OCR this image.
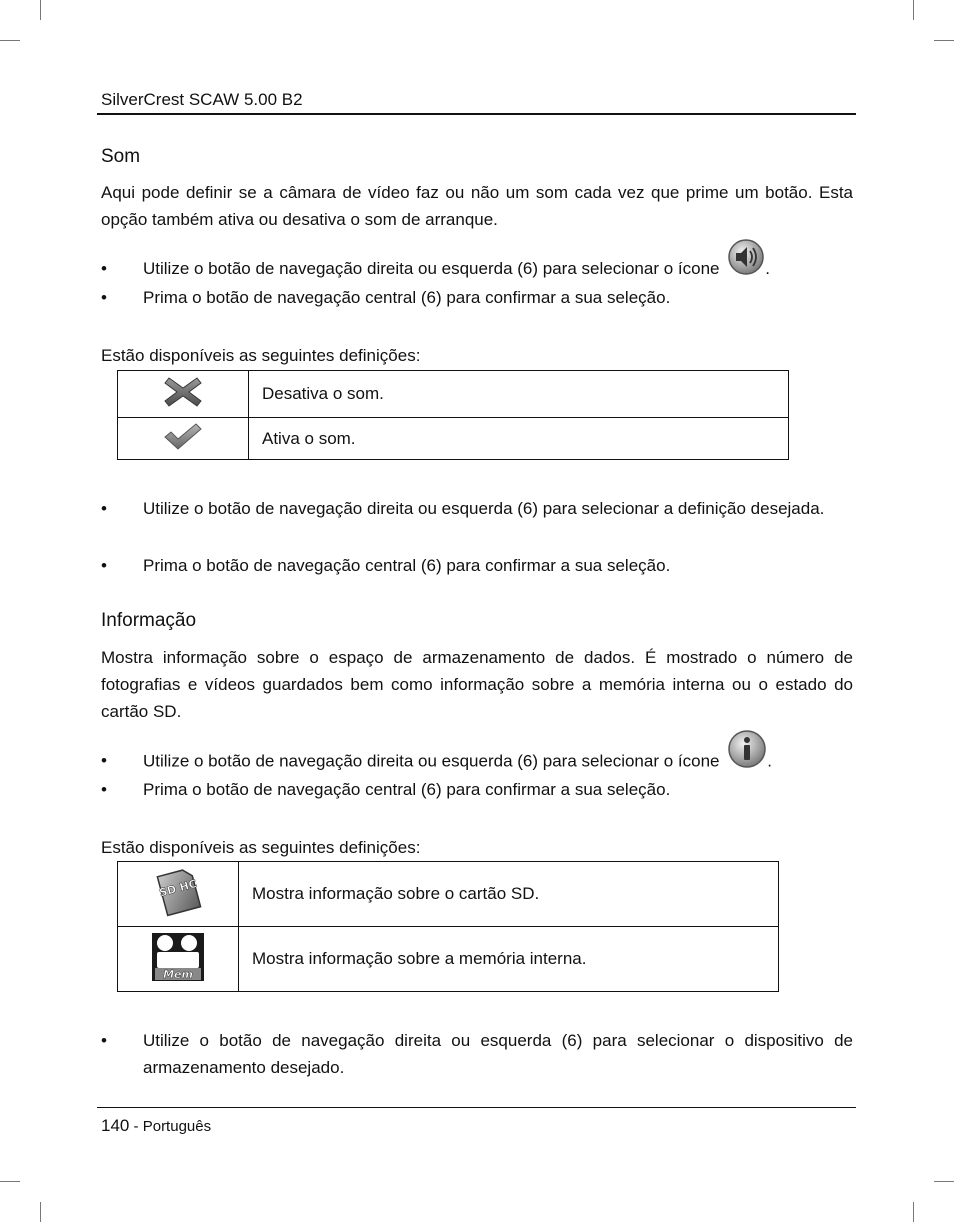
SilverCrest SCAW 5.00 B2
Som
Aqui pode definir se a câmara de vídeo faz ou não um som cada vez que prime um botão. Esta opção também ativa ou desativa o som de arranque.
• Utilize o botão de navegação direita ou esquerda (6) para selecionar o ícone	.
• Prima o botão de navegação central (6) para confirmar a sua seleção.
Estão disponíveis as seguintes definições:
	Desativa o som.
	Ativa o som.
• Utilize o botão de navegação direita ou esquerda (6) para selecionar a definição desejada.
• Prima o botão de navegação central (6) para confirmar a sua seleção.
Informação
Mostra informação sobre o espaço de armazenamento de dados. É mostrado o número de fotografias e vídeos guardados bem como informação sobre a memória interna ou o estado do cartão SD.
• Utilize o botão de navegação direita ou esquerda (6) para selecionar o ícone	.
• Prima o botão de navegação central (6) para confirmar a sua seleção.
Estão disponíveis as seguintes definições:
SD HC	Mostra informação sobre o cartão SD.

Mem	Mostra informação sobre a memória interna.
• Utilize o botão de navegação direita ou esquerda (6) para selecionar o dispositivo de armazenamento desejado.
140 - Português
